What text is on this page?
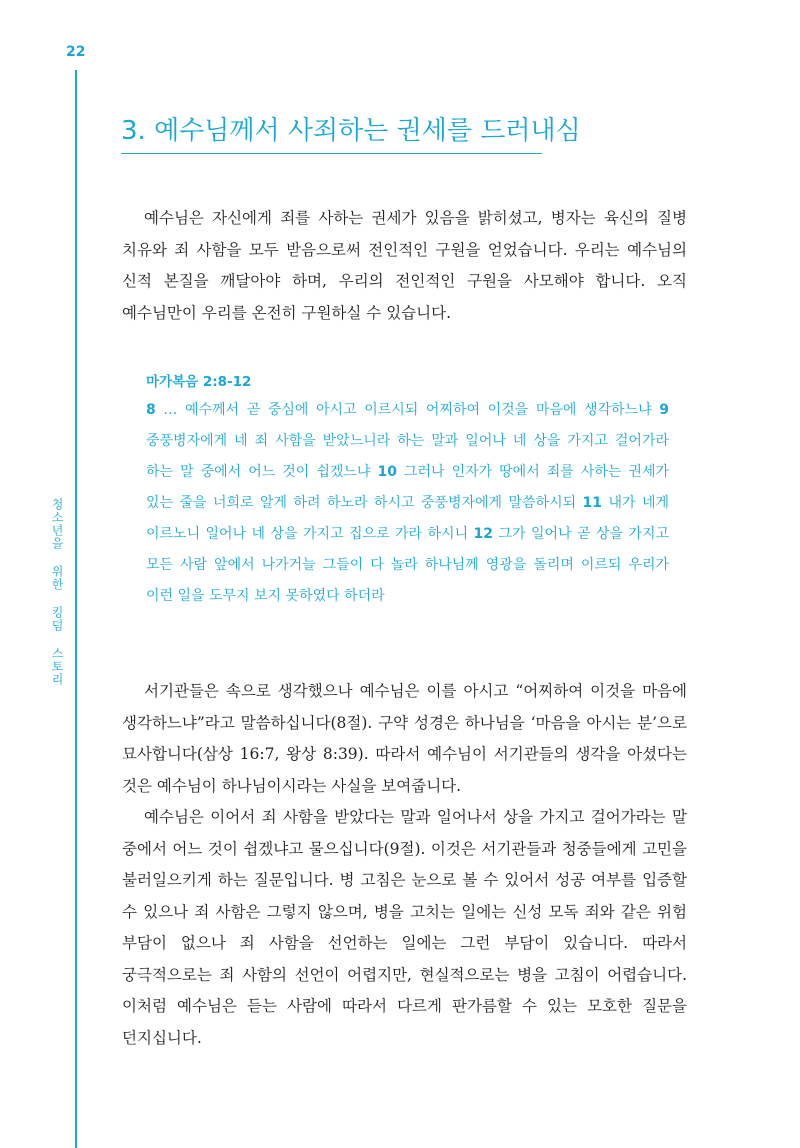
22
청소년을 위한 킹덤 스토리
3. 예수님께서 사죄하는 권세를 드러내심

예수님은 자신에게 죄를 사하는 권세가 있음을 밝히셨고, 병자는 육신의 질병 치유와 죄 사함을 모두 받음으로써 전인적인 구원을 얻었습니다. 우리는 예수님의 신적 본질을 깨달아야 하며, 우리의 전인적인 구원을 사모해야 합니다. 오직 예수님만이 우리를 온전히 구원하실 수 있습니다.

마가복음 2:8-12

8 … 예수께서 곧 중심에 아시고 이르시되 어찌하여 이것을 마음에 생각하느냐 9 중풍병자에게 네 죄 사함을 받았느니라 하는 말과 일어나 네 상을 가지고 걸어가라 하는 말 중에서 어느 것이 쉽겠느냐 10 그러나 인자가 땅에서 죄를 사하는 권세가 있는 줄을 너희로 알게 하려 하노라 하시고 중풍병자에게 말씀하시되 11 내가 네게 이르노니 일어나 네 상을 가지고 집으로 가라 하시니 12 그가 일어나 곧 상을 가지고 모든 사람 앞에서 나가거늘 그들이 다 놀라 하나님께 영광을 돌리며 이르되 우리가 이런 일을 도무지 보지 못하였다 하더라

서기관들은 속으로 생각했으나 예수님은 이를 아시고 “어찌하여 이것을 마음에 생각하느냐”라고 말씀하십니다(8절). 구약 성경은 하나님을 ‘마음을 아시는 분’으로 묘사합니다(삼상 16:7, 왕상 8:39). 따라서 예수님이 서기관들의 생각을 아셨다는 것은 예수님이 하나님이시라는 사실을 보여줍니다.

예수님은 이어서 죄 사함을 받았다는 말과 일어나서 상을 가지고 걸어가라는 말 중에서 어느 것이 쉽겠냐고 물으십니다(9절). 이것은 서기관들과 청중들에게 고민을 불러일으키게 하는 질문입니다. 병 고침은 눈으로 볼 수 있어서 성공 여부를 입증할 수 있으나 죄 사함은 그렇지 않으며, 병을 고치는 일에는 신성 모독 죄와 같은 위험 부담이 없으나 죄 사함을 선언하는 일에는 그런 부담이 있습니다. 따라서 궁극적으로는 죄 사함의 선언이 어렵지만, 현실적으로는 병을 고침이 어렵습니다. 이처럼 예수님은 듣는 사람에 따라서 다르게 판가름할 수 있는 모호한 질문을 던지십니다.
